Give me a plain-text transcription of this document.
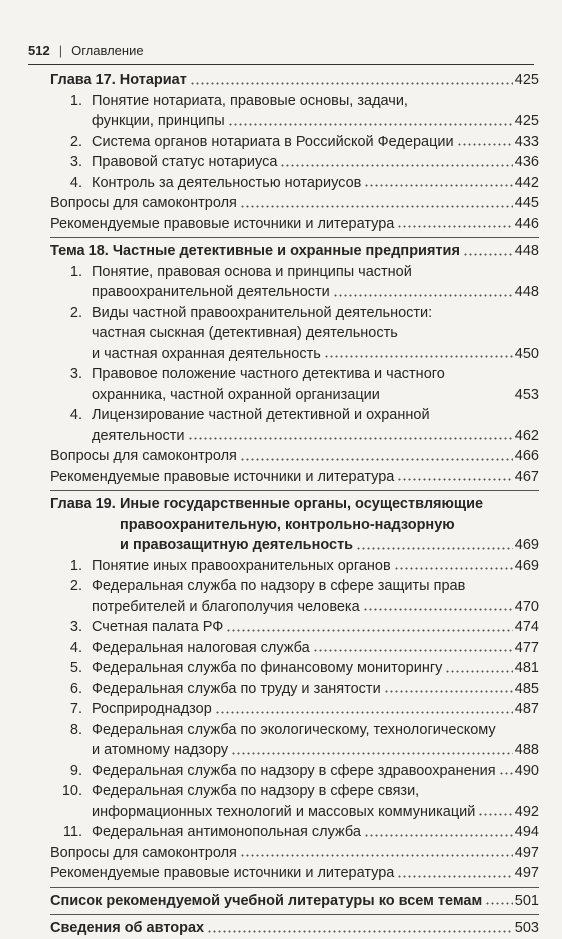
512 | Оглавление
Глава 17. Нотариат	425
1. Понятие нотариата, правовые основы, задачи,
функции, принципы	425
2. Система органов нотариата в Российской Федерации	433
3. Правовой статус нотариуса	436
4. Контроль за деятельностью нотариусов	442
Вопросы для самоконтроля	445
Рекомендуемые правовые источники и литература	446
Тема 18. Частные детективные и охранные предприятия	448
1. Понятие, правовая основа и принципы частной
правоохранительной деятельности	448
2. Виды частной правоохранительной деятельности:
частная сыскная (детективная) деятельность
и частная охранная деятельность	450
3. Правовое положение частного детектива и частного
охранника, частной охранной организации	453
4. Лицензирование частной детективной и охранной
деятельности	462
Вопросы для самоконтроля	466
Рекомендуемые правовые источники и литература	467
Глава 19. Иные государственные органы, осуществляющие
правоохранительную, контрольно-надзорную
и правозащитную деятельность	469
1. Понятие иных правоохранительных органов	469
2. Федеральная служба по надзору в сфере защиты прав
потребителей и благополучия человека	470
3. Счетная палата РФ	474
4. Федеральная налоговая служба	477
5. Федеральная служба по финансовому мониторингу	481
6. Федеральная служба по труду и занятости	485
7. Росприроднадзор	487
8. Федеральная служба по экологическому, технологическому
и атомному надзору	488
9. Федеральная служба по надзору в сфере здравоохранения 490
10. Федеральная служба по надзору в сфере связи,
информационных технологий и массовых коммуникаций	492
11. Федеральная антимонопольная служба	494
Вопросы для самоконтроля	497
Рекомендуемые правовые источники и литература	497
Список рекомендуемой учебной литературы ко всем темам 501
Сведения об авторах	503
